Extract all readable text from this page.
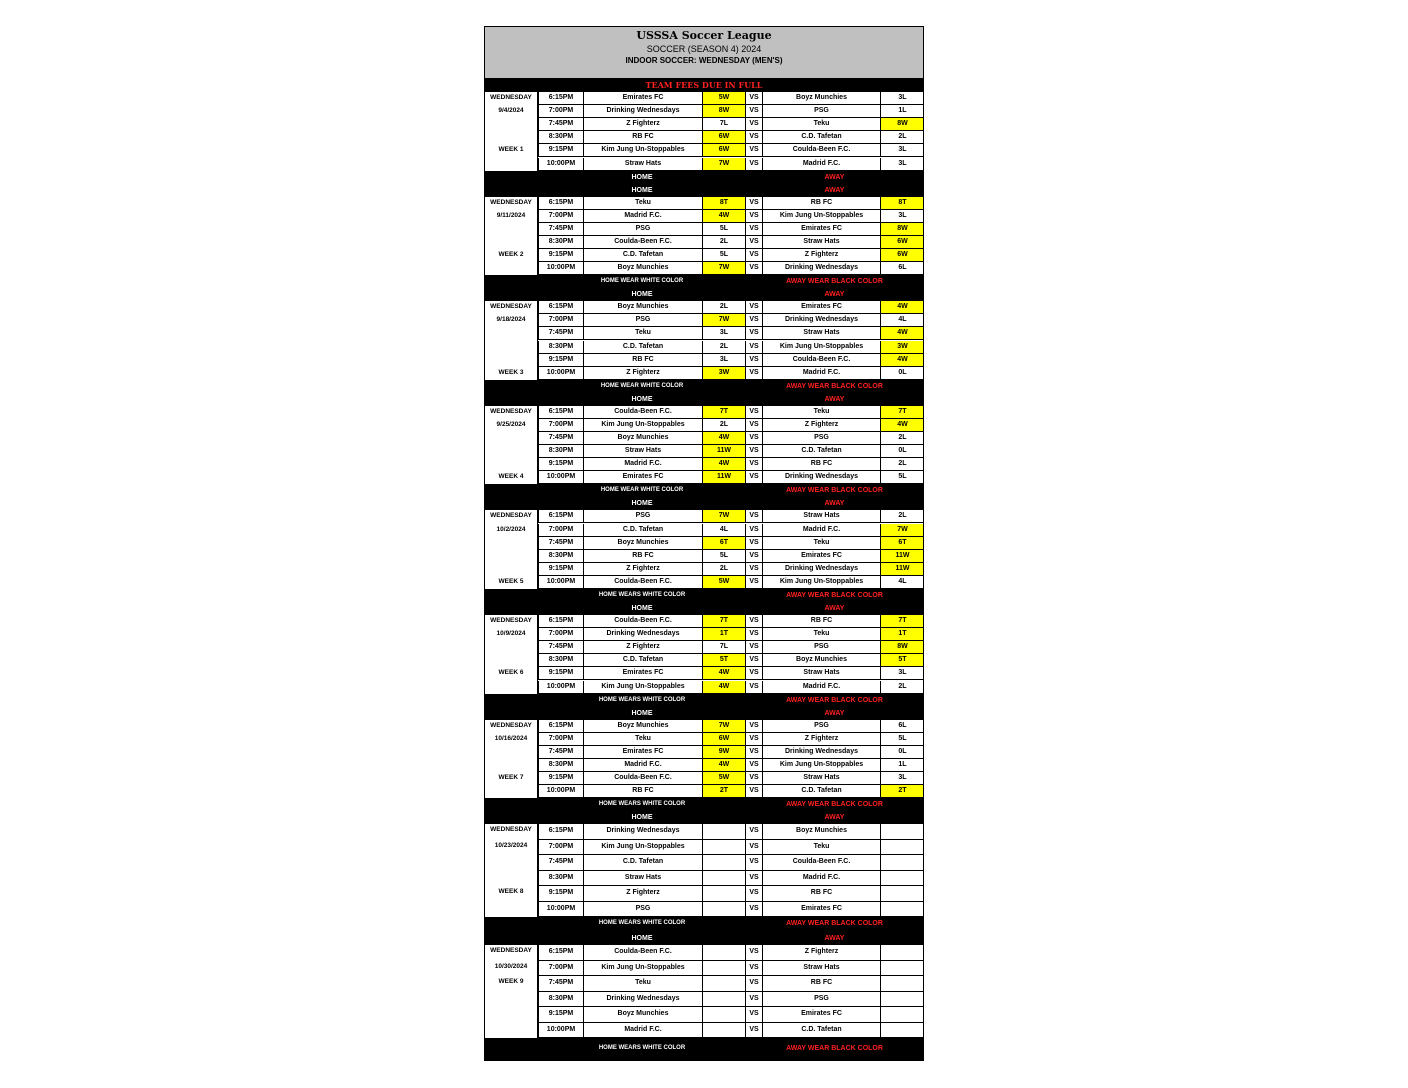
USSSA Soccer League
SOCCER (SEASON 4) 2024
INDOOR SOCCER: WEDNESDAY (MEN'S)
TEAM FEES DUE IN FULL
WEDNESDAY
9/4/2024
WEEK 1
6:15PM	Emirates FC	5W	VS	Boyz Munchies	3L
7:00PM	Drinking Wednesdays	8W	VS	PSG	1L
7:45PM	Z Fighterz	7L	VS	Teku	8W
8:30PM	RB FC	6W	VS	C.D. Tafetan	2L
9:15PM	Kim Jung Un-Stoppables	6W	VS	Coulda-Been F.C.	3L
10:00PM	Straw Hats	7W	VS	Madrid F.C.	3L
HOME	AWAY
HOME	AWAY
WEDNESDAY
9/11/2024
WEEK 2
6:15PM	Teku	8T	VS	RB FC	8T
7:00PM	Madrid F.C.	4W	VS	Kim Jung Un-Stoppables	3L
7:45PM	PSG	5L	VS	Emirates FC	8W
8:30PM	Coulda-Been F.C.	2L	VS	Straw Hats	6W
9:15PM	C.D. Tafetan	5L	VS	Z Fighterz	6W
10:00PM	Boyz Munchies	7W	VS	Drinking Wednesdays	6L
HOME WEAR WHITE COLOR	AWAY WEAR BLACK COLOR
HOME	AWAY
WEDNESDAY
9/18/2024
WEEK 3
6:15PM	Boyz Munchies	2L	VS	Emirates FC	4W
7:00PM	PSG	7W	VS	Drinking Wednesdays	4L
7:45PM	Teku	3L	VS	Straw Hats	4W
8:30PM	C.D. Tafetan	2L	VS	Kim Jung Un-Stoppables	3W
9:15PM	RB FC	3L	VS	Coulda-Been F.C.	4W
10:00PM	Z Fighterz	3W	VS	Madrid F.C.	0L
HOME WEAR WHITE COLOR	AWAY WEAR BLACK COLOR
HOME	AWAY
WEDNESDAY
9/25/2024
WEEK 4
6:15PM	Coulda-Been F.C.	7T	VS	Teku	7T
7:00PM	Kim Jung Un-Stoppables	2L	VS	Z Fighterz	4W
7:45PM	Boyz Munchies	4W	VS	PSG	2L
8:30PM	Straw Hats	11W	VS	C.D. Tafetan	0L
9:15PM	Madrid F.C.	4W	VS	RB FC	2L
10:00PM	Emirates FC	11W	VS	Drinking Wednesdays	5L
HOME WEAR WHITE COLOR	AWAY WEAR BLACK COLOR
HOME	AWAY
WEDNESDAY
10/2/2024
WEEK 5
6:15PM	PSG	7W	VS	Straw Hats	2L
7:00PM	C.D. Tafetan	4L	VS	Madrid F.C.	7W
7:45PM	Boyz Munchies	6T	VS	Teku	6T
8:30PM	RB FC	5L	VS	Emirates FC	11W
9:15PM	Z Fighterz	2L	VS	Drinking Wednesdays	11W
10:00PM	Coulda-Been F.C.	5W	VS	Kim Jung Un-Stoppables	4L
HOME WEARS WHITE COLOR	AWAY WEAR BLACK COLOR
HOME	AWAY
WEDNESDAY
10/9/2024
WEEK 6
6:15PM	Coulda-Been F.C.	7T	VS	RB FC	7T
7:00PM	Drinking Wednesdays	1T	VS	Teku	1T
7:45PM	Z Fighterz	7L	VS	PSG	8W
8:30PM	C.D. Tafetan	5T	VS	Boyz Munchies	5T
9:15PM	Emirates FC	4W	VS	Straw Hats	3L
10:00PM	Kim Jung Un-Stoppables	4W	VS	Madrid F.C.	2L
HOME WEARS WHITE COLOR	AWAY WEAR BLACK COLOR
HOME	AWAY
WEDNESDAY
10/16/2024
WEEK 7
6:15PM	Boyz Munchies	7W	VS	PSG	6L
7:00PM	Teku	6W	VS	Z Fighterz	5L
7:45PM	Emirates FC	9W	VS	Drinking Wednesdays	0L
8:30PM	Madrid F.C.	4W	VS	Kim Jung Un-Stoppables	1L
9:15PM	Coulda-Been F.C.	5W	VS	Straw Hats	3L
10:00PM	RB FC	2T	VS	C.D. Tafetan	2T
HOME WEARS WHITE COLOR	AWAY WEAR BLACK COLOR
HOME	AWAY
WEDNESDAY
10/23/2024
WEEK 8
6:15PM	Drinking Wednesdays	VS	Boyz Munchies
7:00PM	Kim Jung Un-Stoppables	VS	Teku
7:45PM	C.D. Tafetan	VS	Coulda-Been F.C.
8:30PM	Straw Hats	VS	Madrid F.C.
9:15PM	Z Fighterz	VS	RB FC
10:00PM	PSG	VS	Emirates FC
HOME WEARS WHITE COLOR	AWAY WEAR BLACK COLOR
HOME	AWAY
WEDNESDAY
10/30/2024
WEEK 9
6:15PM	Coulda-Been F.C.	VS	Z Fighterz
7:00PM	Kim Jung Un-Stoppables	VS	Straw Hats
7:45PM	Teku	VS	RB FC
8:30PM	Drinking Wednesdays	VS	PSG
9:15PM	Boyz Munchies	VS	Emirates FC
10:00PM	Madrid F.C.	VS	C.D. Tafetan
HOME WEARS WHITE COLOR	AWAY WEAR BLACK COLOR
